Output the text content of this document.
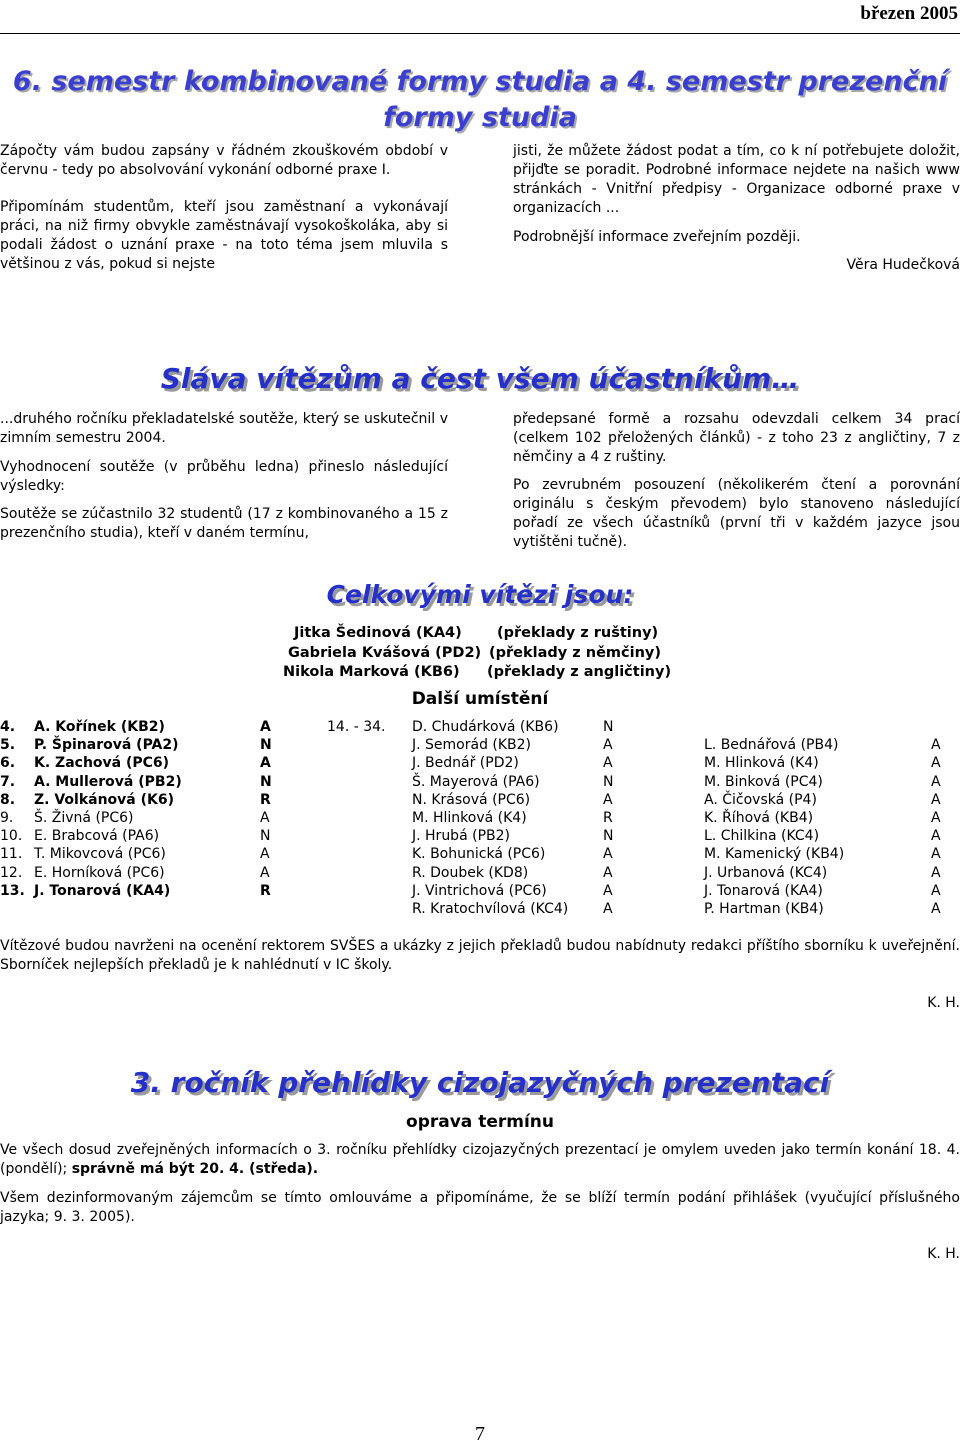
březen 2005
6. semestr kombinované formy studia a 4. semestr prezenční
formy studia

Zápočty vám budou zapsány v řádném zkouškovém období v červnu - tedy po absolvování vykonání odborné praxe I.

Připomínám studentům, kteří jsou zaměstnaní a vykonávají práci, na niž firmy obvykle zaměstnávají vysokoškoláka, aby si podali žádost o uznání praxe - na toto téma jsem mluvila s většinou z vás, pokud si nejste

jisti, že můžete žádost podat a tím, co k ní potřebujete doložit, přijďte se poradit. Podrobné informace nejdete na našich www stránkách - Vnitřní předpisy - Organizace odborné praxe v organizacích ...

Podrobnější informace zveřejním později.

Věra Hudečková

Sláva vítězům a čest všem účastníkům…

...druhého ročníku překladatelské soutěže, který se uskutečnil v zimním semestru 2004.

Vyhodnocení soutěže (v průběhu ledna) přineslo následující výsledky:

Soutěže se zúčastnilo 32 studentů (17 z kombinovaného a 15 z prezenčního studia), kteří v daném termínu,

předepsané formě a rozsahu odevzdali celkem 34 prací (celkem 102 přeložených článků) - z toho 23 z angličtiny, 7 z němčiny a 4 z ruštiny.

Po zevrubném posouzení (několikerém čtení a porovnání originálu s českým převodem) bylo stanoveno následující pořadí ze všech účastníků (první tři v každém jazyce jsou vytištěni tučně).

Celkovými vítězi jsou:
Jitka Šedinová (KA4) (překlady z ruštiny)
Gabriela Kvášová (PD2) (překlady z němčiny)
Nikola Marková (KB6) (překlady z angličtiny)
Další umístění
4.
5.
6.
7.
8.
9.
10.
11.
12.
13.
A. Kořínek (KB2)
P. Špinarová (PA2)
K. Zachová (PC6)
A. Mullerová (PB2)
Z. Volkánová (K6)
Š. Živná (PC6)
E. Brabcová (PA6)
T. Mikovcová (PC6)
E. Horníková (PC6)
J. Tonarová (KA4)
A
N
A
N
R
A
N
A
A
R
14. - 34. D. Chudárková (KB6)
J. Semorád (KB2)
J. Bednář (PD2)
Š. Mayerová (PA6)
N. Krásová (PC6)
M. Hlinková (K4)
J. Hrubá (PB2)
K. Bohunická (PC6)
R. Doubek (KD8)
J. Vintrichová (PC6)
R. Kratochvílová (KC4)
N
A
A
N
A
R
N
A
A
A
A
L. Bednářová (PB4)
M. Hlinková (K4)
M. Binková (PC4)
A. Čičovská (P4)
K. Říhová (KB4)
L. Chilkina (KC4)
M. Kamenický (KB4)
J. Urbanová (KC4)
J. Tonarová (KA4)
P. Hartman (KB4)
A
A
A
A
A
A
A
A
A
A

Vítězové budou navrženi na ocenění rektorem SVŠES a ukázky z jejich překladů budou nabídnuty redakci příštího sborníku k uveřejnění. Sborníček nejlepších překladů je k nahlédnutí v IC školy.

K. H.

3. ročník přehlídky cizojazyčných prezentací
oprava termínu

Ve všech dosud zveřejněných informacích o 3. ročníku přehlídky cizojazyčných prezentací je omylem uveden jako termín konání 18. 4. (pondělí); správně má být 20. 4. (středa).

Všem dezinformovaným zájemcům se tímto omlouváme a připomínáme, že se blíží termín podání přihlášek (vyučující příslušného jazyka; 9. 3. 2005).

K. H.

7
